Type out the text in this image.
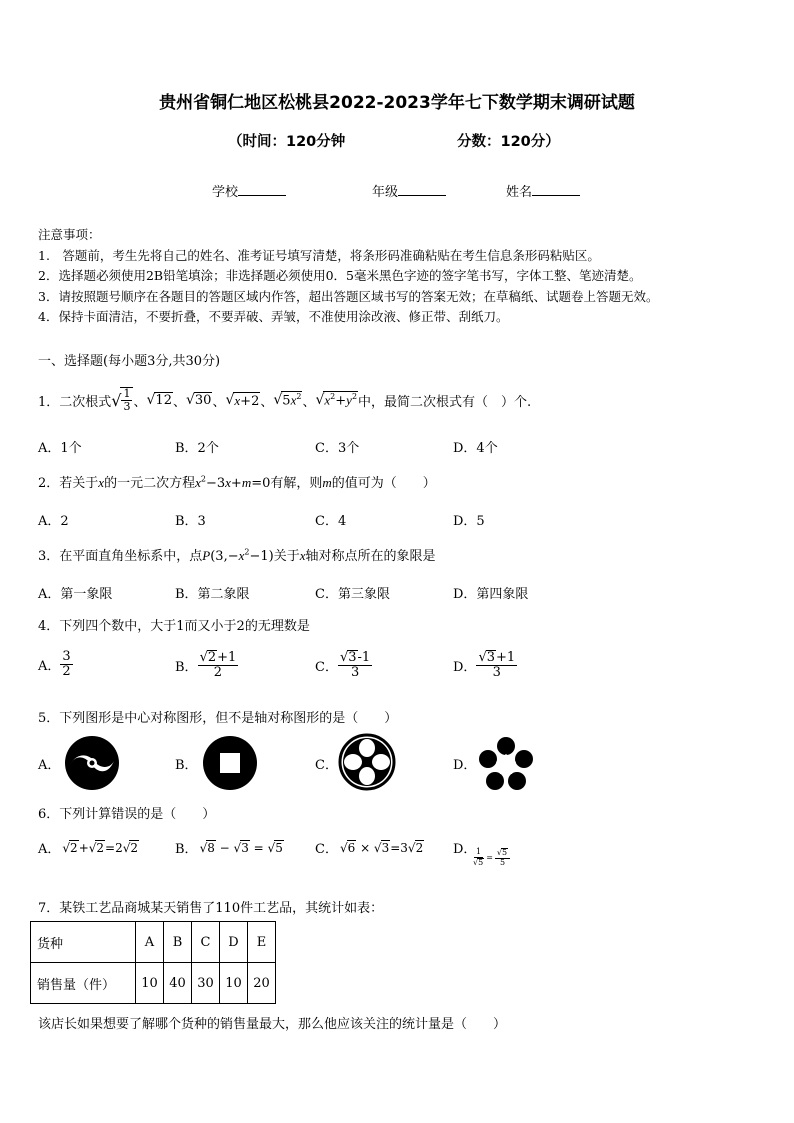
贵州省铜仁地区松桃县2022-2023学年七下数学期末调研试题
（时间：120分钟	分数：120分）
学校	年级	姓名
注意事项：
1.　答题前，考生先将自己的姓名、准考证号填写清楚，将条形码准确粘贴在考生信息条形码粘贴区。
2．选择题必须使用2B铅笔填涂；非选择题必须使用0．5毫米黑色字迹的签字笔书写，字体工整、笔迹清楚。
3．请按照题号顺序在各题目的答题区域内作答，超出答题区域书写的答案无效；在草稿纸、试题卷上答题无效。
4．保持卡面清洁，不要折叠，不要弄破、弄皱，不准使用涂改液、修正带、刮纸刀。
一、选择题(每小题3分,共30分)
1．二次根式 √ $\frac{1}{3}$ 、 √ 12 、 √ 30 、 √ x+2 、 √ $5x^2$ 、 √ $x^2+y^2$ 中，最简二次根式有（　）个.
A．1个	B．2个	C．3个	D．4个
2．若关于x的一元二次方程$x^2-3x+m=0$有解，则m的值可为（　　）
A．2	B．3	C．4	D．5
3．在平面直角坐标系中，点$P(3,-x^2-1)$关于x轴对称点所在的象限是
A．第一象限	B．第二象限	C．第三象限	D．第四象限
4．下列四个数中，大于1而又小于2的无理数是
A． $\frac{3}{2}$	B． $\frac{√2+1}{2}$	C． $\frac{√3-1}{3}$	D． $\frac{√3+1}{3}$
5．下列图形是中心对称图形，但不是轴对称图形的是（　　）
A．	B．	C．	D．
6．下列计算错误的是（　　）
A． √2+√2=2√2	B． √8 − √3 = √5 C． √6 × √3=3√2 D．
$\frac{1}{√5} = \frac{√5}{5}$
7．某铁工艺品商城某天销售了110件工艺品，其统计如表：
货种	A	B	C	D	E
销售量（件）	10	40	30	10	20
该店长如果想要了解哪个货种的销售量最大，那么他应该关注的统计量是（　　）
